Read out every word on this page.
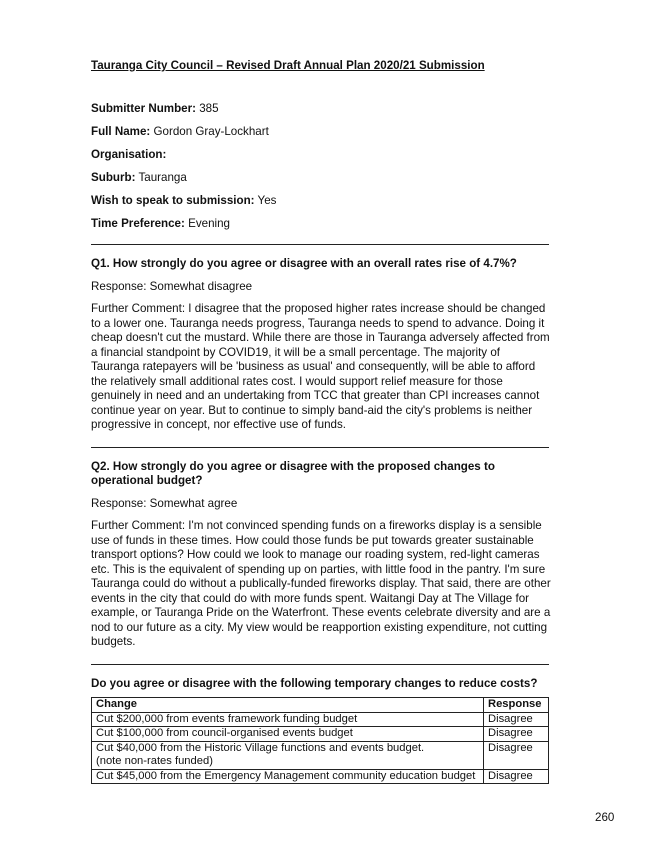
Tauranga City Council – Revised Draft Annual Plan 2020/21 Submission
Submitter Number: 385
Full Name: Gordon Gray-Lockhart
Organisation:
Suburb: Tauranga
Wish to speak to submission: Yes
Time Preference: Evening
Q1. How strongly do you agree or disagree with an overall rates rise of 4.7%?
Response: Somewhat disagree
Further Comment: I disagree that the proposed higher rates increase should be changed to a lower one. Tauranga needs progress, Tauranga needs to spend to advance. Doing it cheap doesn't cut the mustard. While there are those in Tauranga adversely affected from a financial standpoint by COVID19, it will be a small percentage. The majority of Tauranga ratepayers will be 'business as usual' and consequently, will be able to afford the relatively small additional rates cost. I would support relief measure for those genuinely in need and an undertaking from TCC that greater than CPI increases cannot continue year on year. But to continue to simply band-aid the city's problems is neither progressive in concept, nor effective use of funds.
Q2. How strongly do you agree or disagree with the proposed changes to operational budget?
Response: Somewhat agree
Further Comment: I'm not convinced spending funds on a fireworks display is a sensible use of funds in these times. How could those funds be put towards greater sustainable transport options? How could we look to manage our roading system, red-light cameras etc. This is the equivalent of spending up on parties, with little food in the pantry. I'm sure Tauranga could do without a publically-funded fireworks display. That said, there are other events in the city that could do with more funds spent. Waitangi Day at The Village for example, or Tauranga Pride on the Waterfront. These events celebrate diversity and are a nod to our future as a city. My view would be reapportion existing expenditure, not cutting budgets.
Do you agree or disagree with the following temporary changes to reduce costs?
Change	Response
Cut $200,000 from events framework funding budget	Disagree
Cut $100,000 from council-organised events budget	Disagree

Cut $40,000 from the Historic Village functions and events budget.
(note non-rates funded)	Disagree
Cut $45,000 from the Emergency Management community education budget	Disagree
260
